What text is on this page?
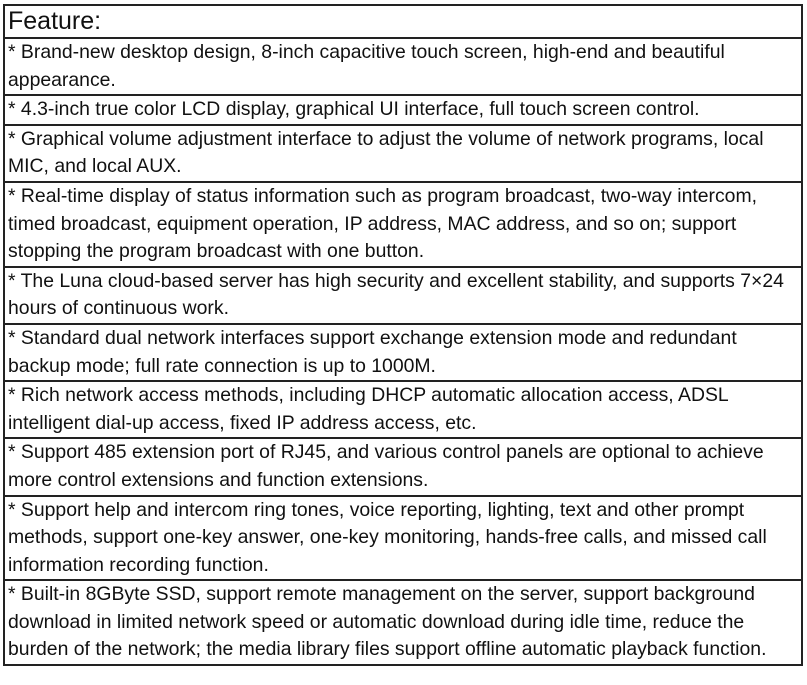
Feature:
* Brand-new desktop design, 8-inch capacitive touch screen, high-end and beautiful appearance.
* 4.3-inch true color LCD display, graphical UI interface, full touch screen control.
* Graphical volume adjustment interface to adjust the volume of network programs, local MIC, and local AUX.
* Real-time display of status information such as program broadcast, two-way intercom, timed broadcast, equipment operation, IP address, MAC address, and so on; support stopping the program broadcast with one button.
* The Luna cloud-based server has high security and excellent stability, and supports 7×24 hours of continuous work.
* Standard dual network interfaces support exchange extension mode and redundant backup mode; full rate connection is up to 1000M.
* Rich network access methods, including DHCP automatic allocation access, ADSL intelligent dial-up access, fixed IP address access, etc.
* Support 485 extension port of RJ45, and various control panels are optional to achieve more control extensions and function extensions.
* Support help and intercom ring tones, voice reporting, lighting, text and other prompt methods, support one-key answer, one-key monitoring, hands-free calls, and missed call information recording function.
* Built-in 8GByte SSD, support remote management on the server, support background download in limited network speed or automatic download during idle time, reduce the burden of the network; the media library files support offline automatic playback function.
